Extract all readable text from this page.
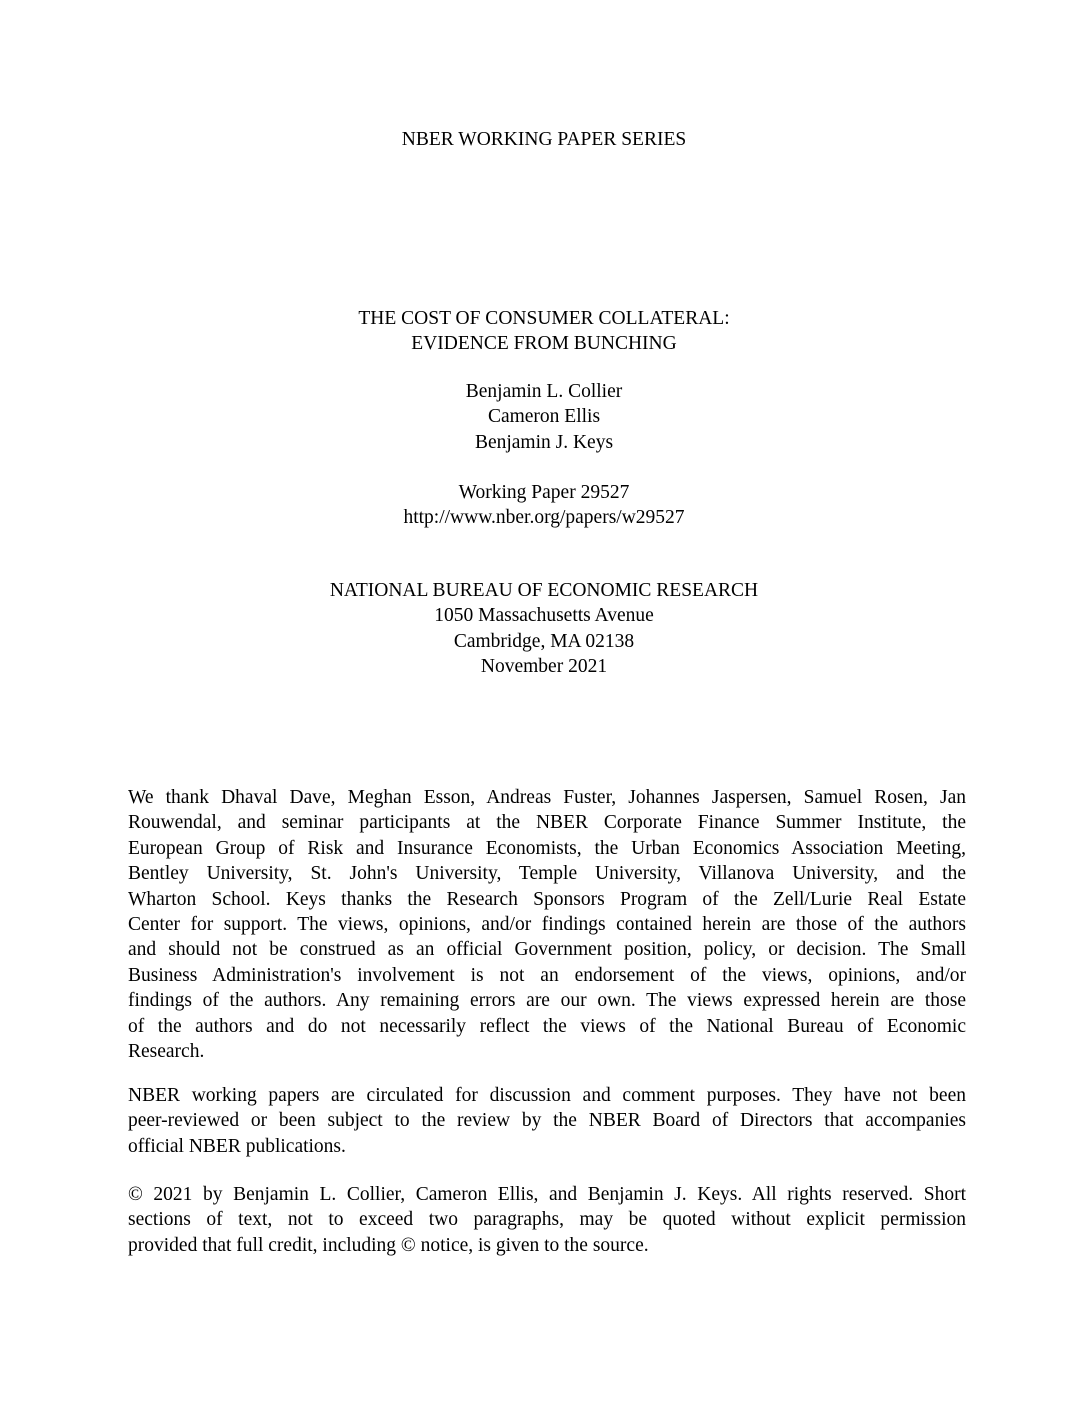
NBER WORKING PAPER SERIES
THE COST OF CONSUMER COLLATERAL:
EVIDENCE FROM BUNCHING
Benjamin L. Collier
Cameron Ellis
Benjamin J. Keys
Working Paper 29527
http://www.nber.org/papers/w29527
NATIONAL BUREAU OF ECONOMIC RESEARCH
1050 Massachusetts Avenue
Cambridge, MA 02138
November 2021
We thank Dhaval Dave, Meghan Esson, Andreas Fuster, Johannes Jaspersen, Samuel Rosen, Jan
Rouwendal, and seminar participants at the NBER Corporate Finance Summer Institute, the
European Group of Risk and Insurance Economists, the Urban Economics Association Meeting,
Bentley University, St. John's University, Temple University, Villanova University, and the
Wharton School. Keys thanks the Research Sponsors Program of the Zell/Lurie Real Estate
Center for support. The views, opinions, and/or findings contained herein are those of the authors
and should not be construed as an official Government position, policy, or decision. The Small
Business Administration's involvement is not an endorsement of the views, opinions, and/or
findings of the authors. Any remaining errors are our own. The views expressed herein are those
of the authors and do not necessarily reflect the views of the National Bureau of Economic
Research.
NBER working papers are circulated for discussion and comment purposes. They have not been
peer-reviewed or been subject to the review by the NBER Board of Directors that accompanies
official NBER publications.
© 2021 by Benjamin L. Collier, Cameron Ellis, and Benjamin J. Keys. All rights reserved. Short
sections of text, not to exceed two paragraphs, may be quoted without explicit permission
provided that full credit, including © notice, is given to the source.
